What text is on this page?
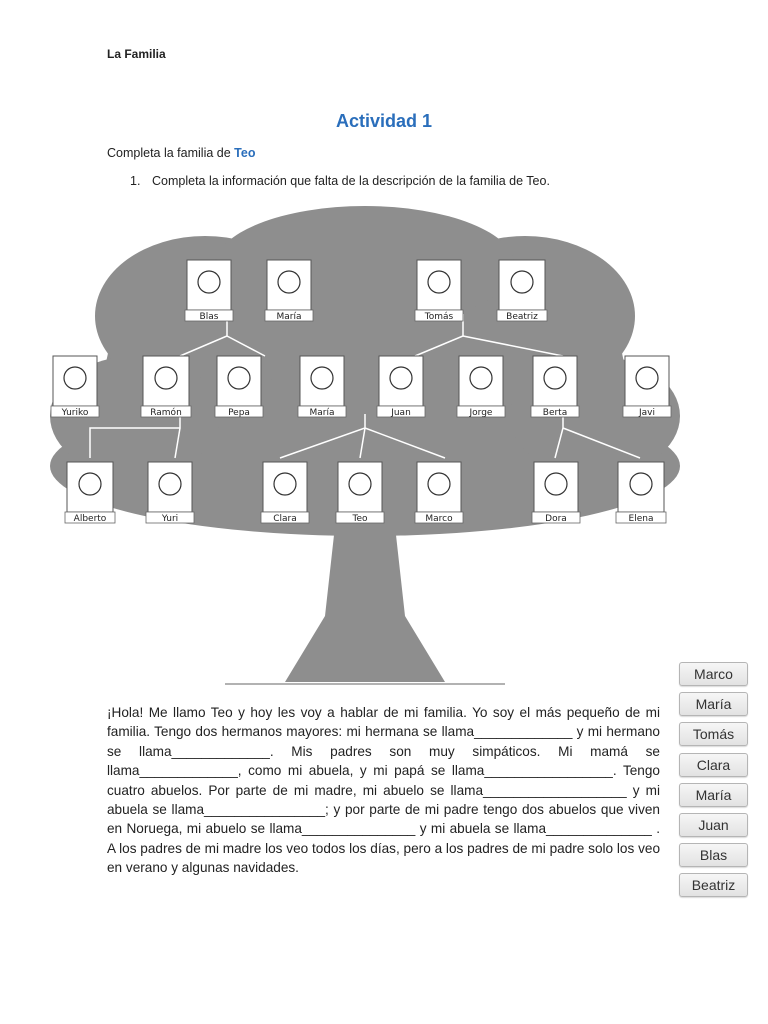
La Familia
Actividad 1
Completa la familia de Teo
1. Completa la información que falta de la descripción de la familia de Teo.
Blas	María	Tomás	Beatriz
Yuriko	Ramón	Pepa	María	Juan	Jorge	Berta	Javi
Alberto	Yuri	Clara	Teo	Marco	Dora	Elena
¡Hola! Me llamo Teo y hoy les voy a hablar de mi familia. Yo soy el más pequeño de mi familia. Tengo dos hermanos mayores: mi hermana se llama_____________ y mi hermano se llama_____________. Mis padres son muy simpáticos. Mi mamá se llama_____________, como mi abuela, y mi papá se llama_________________. Tengo cuatro abuelos. Por parte de mi madre, mi abuelo se llama___________________ y mi abuela se llama________________; y por parte de mi padre tengo dos abuelos que viven en Noruega, mi abuelo se llama_______________ y mi abuela se llama______________ . A los padres de mi madre los veo todos los días, pero a los padres de mi padre solo los veo en verano y algunas navidades.
Marco
María
Tomás
Clara
María
Juan
Blas
Beatriz
